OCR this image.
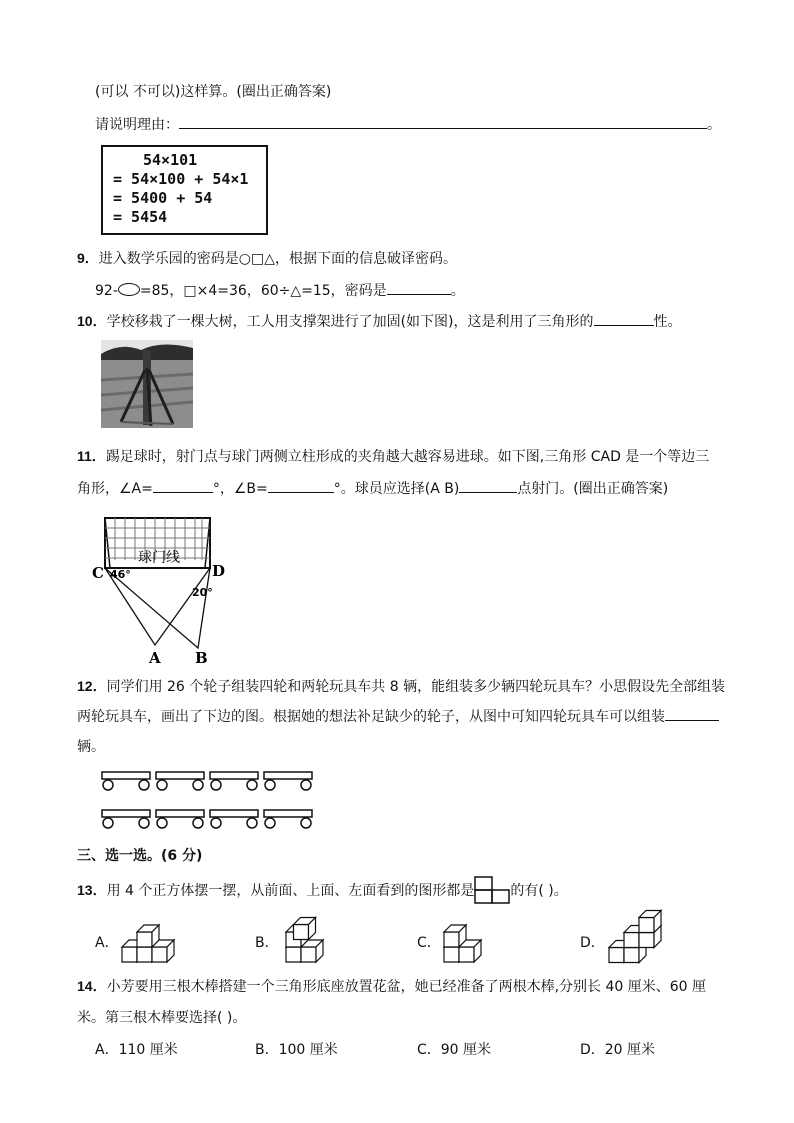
(可以 不可以)这样算。(圈出正确答案)
请说明理由：	。
54×101
= 54×100 + 54×1
= 5400 + 54
= 5454
9．进入数学乐园的密码是○□△，根据下面的信息破译密码。
92- =85，□×4=36，60÷△=15，密码是	。
10．学校移栽了一棵大树，工人用支撑架进行了加固(如下图)，这是利用了三角形的	性。
11．踢足球时，射门点与球门两侧立柱形成的夹角越大越容易进球。如下图,三角形 CAD 是一个等边三
角形，∠A=	°，∠B=	°。球员应选择(A B)	点射门。(圈出正确答案)
球门线
46°
20°
C	D
A B
12．同学们用 26 个轮子组装四轮和两轮玩具车共 8 辆，能组装多少辆四轮玩具车？小思假设先全部组装
两轮玩具车，画出了下边的图。根据她的想法补足缺少的轮子，从图中可知四轮玩具车可以组装
辆。
三、选一选。(6 分)
13．用 4 个正方体摆一摆，从前面、上面、左面看到的图形都是	的有( )。
A．	B．	C．	D．
14．小芳要用三根木棒搭建一个三角形底座放置花盆，她已经准备了两根木棒,分别长 40 厘米、60 厘
米。第三根木棒要选择( )。
A．110 厘米	B．100 厘米	C．90 厘米	D．20 厘米
